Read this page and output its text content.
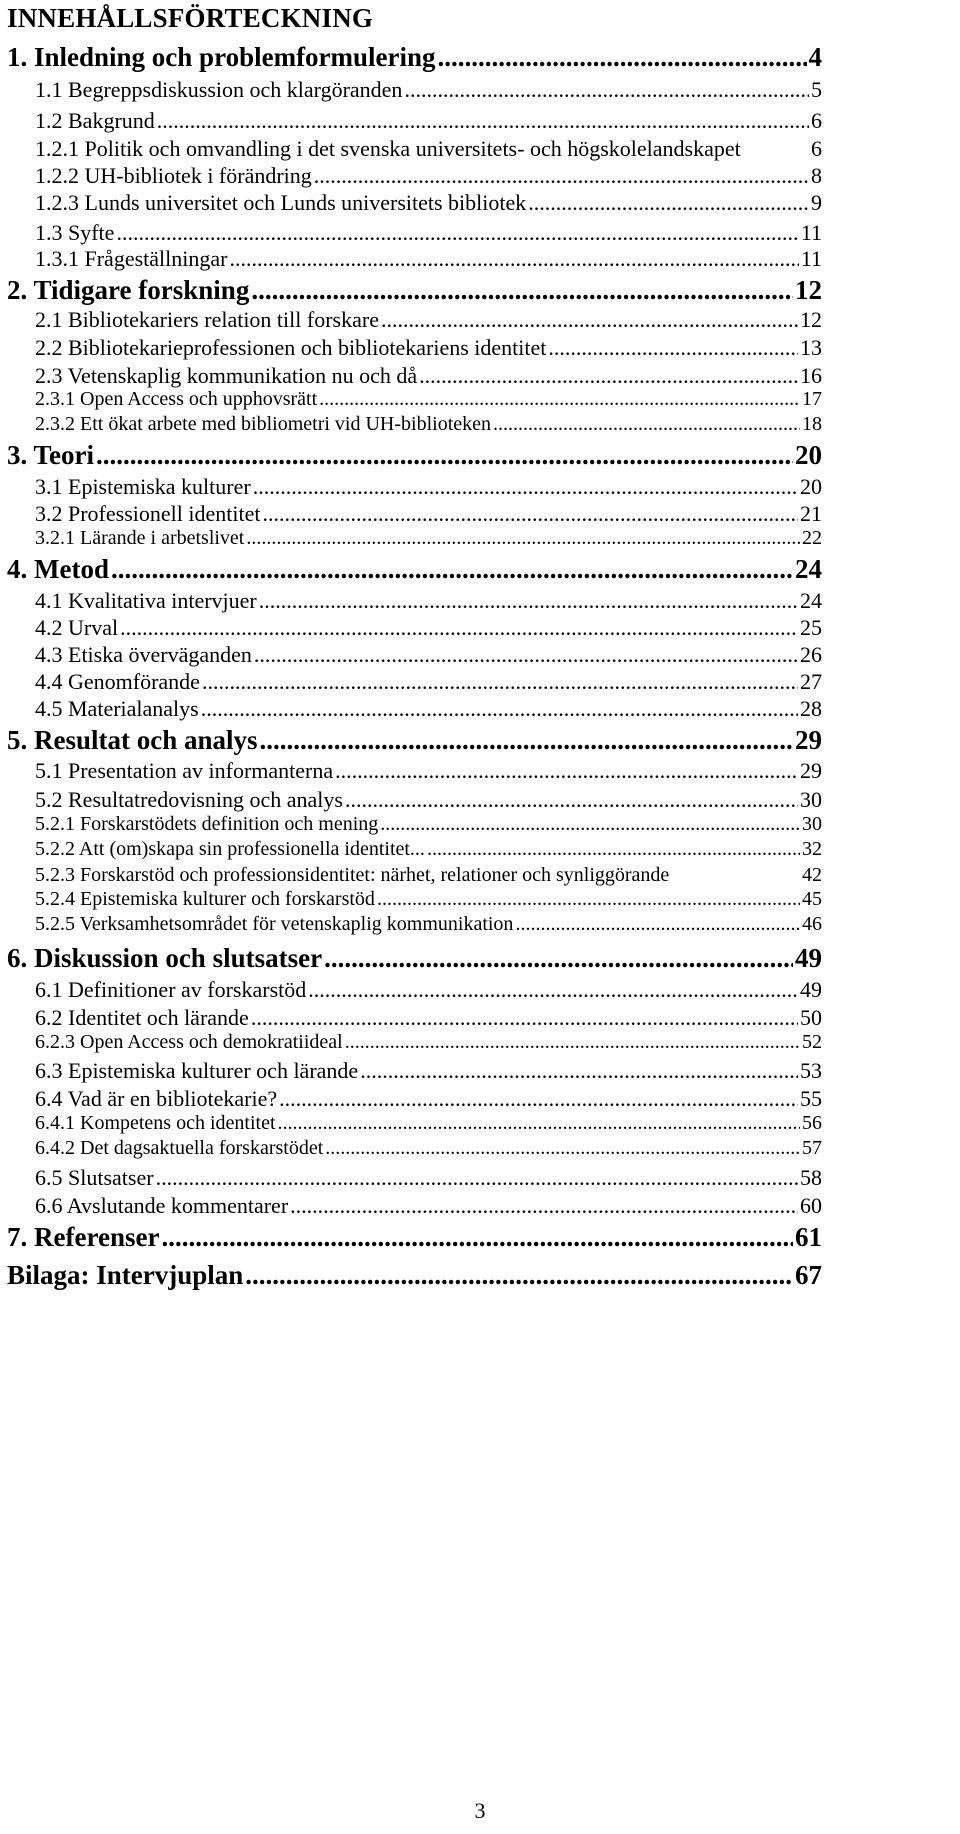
INNEHÅLLSFÖRTECKNING
1. Inledning och problemformulering .....	4
1.1 Begreppsdiskussion och klargöranden .....	5
1.2 Bakgrund .....	6
1.2.1 Politik och omvandling i det svenska universitets- och högskolelandskapet	6
1.2.2 UH-bibliotek i förändring .....	8
1.2.3 Lunds universitet och Lunds universitets bibliotek .....	9
1.3 Syfte .....	11
1.3.1 Frågeställningar .....	11
2. Tidigare forskning .....	12
2.1 Bibliotekariers relation till forskare .....	12
2.2 Bibliotekarieprofessionen och bibliotekariens identitet .....	13
2.3 Vetenskaplig kommunikation nu och då .....	16
2.3.1 Open Access och upphovsrätt .....	17
2.3.2 Ett ökat arbete med bibliometri vid UH-biblioteken .....	18
3. Teori .....	20
3.1 Epistemiska kulturer .....	20
3.2 Professionell identitet .....	21
3.2.1 Lärande i arbetslivet .....	22
4. Metod .....	24
4.1 Kvalitativa intervjuer .....	24
4.2 Urval .....	25
4.3 Etiska överväganden .....	26
4.4 Genomförande .....	27
4.5 Materialanalys .....	28
5. Resultat och analys .....	29
5.1 Presentation av informanterna .....	29
5.2 Resultatredovisning och analys .....	30
5.2.1 Forskarstödets definition och mening .....	30
5.2.2 Att (om)skapa sin professionella identitet... .....	32
5.2.3 Forskarstöd och professionsidentitet: närhet, relationer och synliggörande	42
5.2.4 Epistemiska kulturer och forskarstöd .....	45
5.2.5 Verksamhetsområdet för vetenskaplig kommunikation .....	46
6. Diskussion och slutsatser .....	49
6.1 Definitioner av forskarstöd .....	49
6.2 Identitet och lärande .....	50
6.2.3 Open Access och demokratiideal .....	52
6.3 Epistemiska kulturer och lärande .....	53
6.4 Vad är en bibliotekarie? .....	55
6.4.1 Kompetens och identitet .....	56
6.4.2 Det dagsaktuella forskarstödet .....	57
6.5 Slutsatser .....	58
6.6 Avslutande kommentarer .....	60
7. Referenser .....	61
Bilaga: Intervjuplan .....	67
3
